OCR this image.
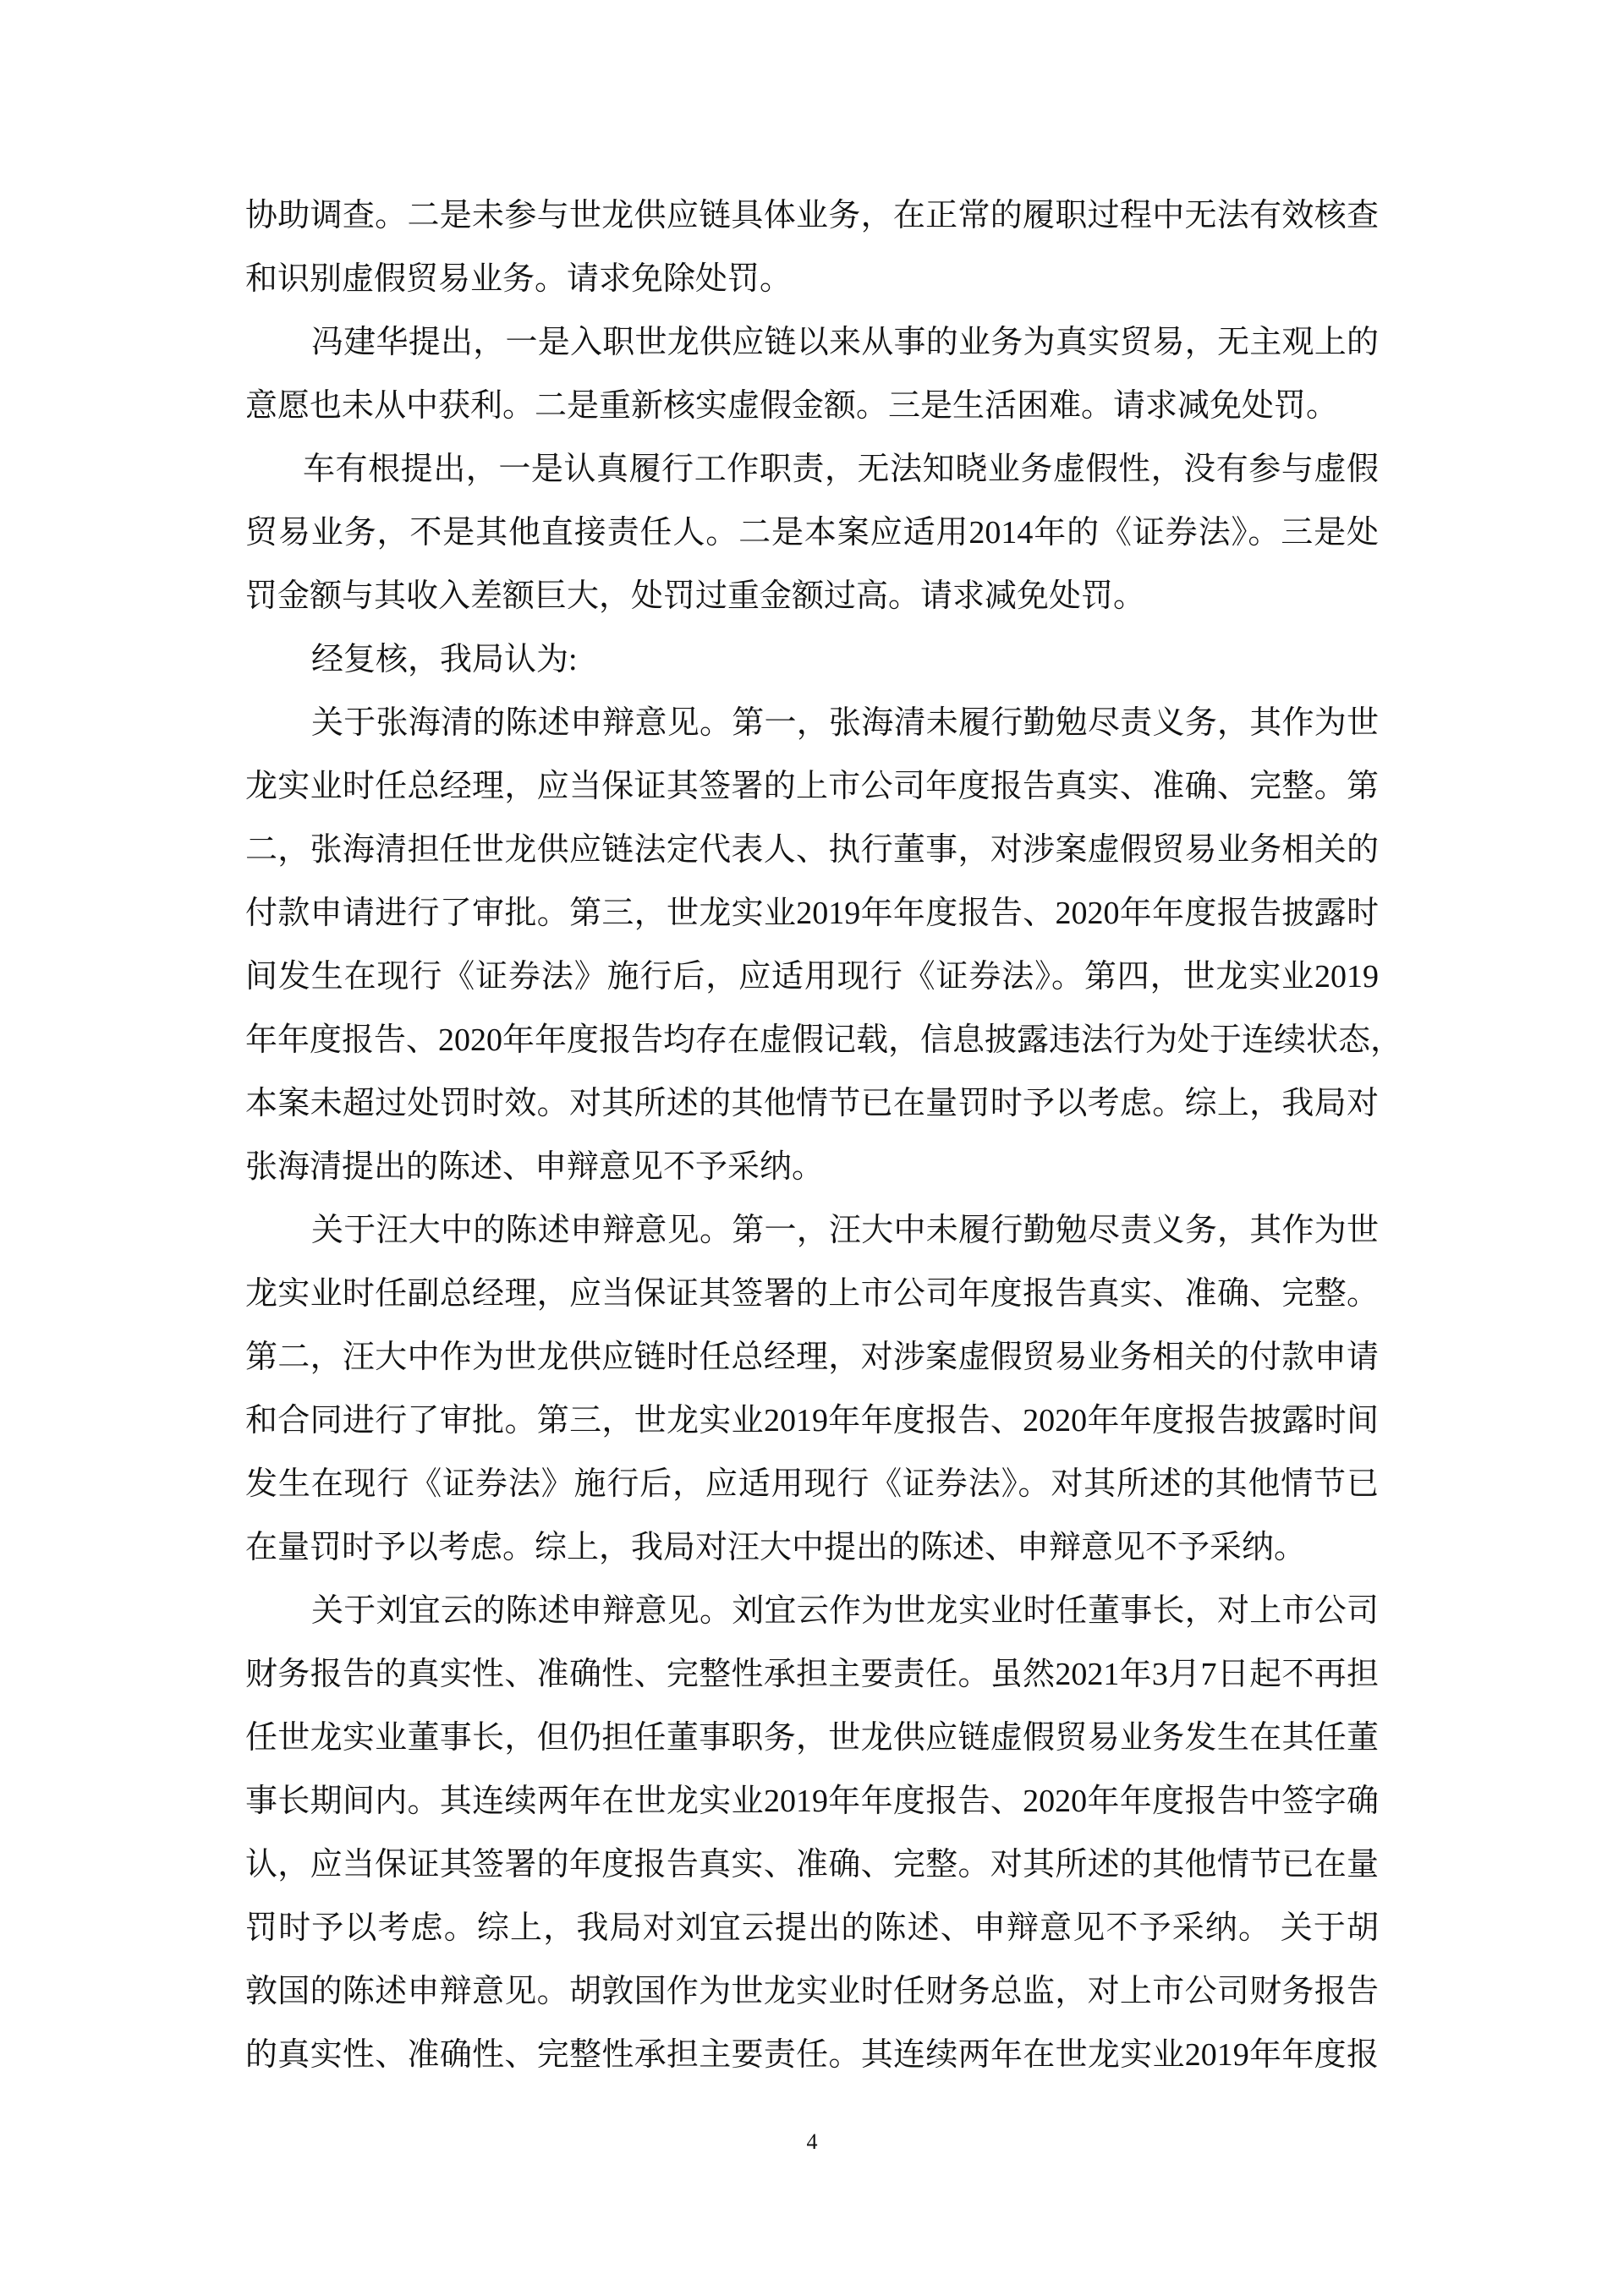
协助调查。二是未参与世龙供应链具体业务，在正常的履职过程中无法有效核查
和识别虚假贸易业务。请求免除处罚。
冯建华提出，一是入职世龙供应链以来从事的业务为真实贸易，无主观上的
意愿也未从中获利。二是重新核实虚假金额。三是生活困难。请求减免处罚。
车有根提出，一是认真履行工作职责，无法知晓业务虚假性，没有参与虚假
贸易业务，不是其他直接责任人。二是本案应适用2014年的《证券法》。三是处
罚金额与其收入差额巨大，处罚过重金额过高。请求减免处罚。
经复核，我局认为:
关于张海清的陈述申辩意见。第一，张海清未履行勤勉尽责义务，其作为世
龙实业时任总经理，应当保证其签署的上市公司年度报告真实、准确、完整。第
二，张海清担任世龙供应链法定代表人、执行董事，对涉案虚假贸易业务相关的
付款申请进行了审批。第三，世龙实业2019年年度报告、2020年年度报告披露时
间发生在现行《证券法》施行后，应适用现行《证券法》。第四，世龙实业2019
年年度报告、2020年年度报告均存在虚假记载，信息披露违法行为处于连续状态，
本案未超过处罚时效。对其所述的其他情节已在量罚时予以考虑。综上，我局对
张海清提出的陈述、申辩意见不予采纳。
关于汪大中的陈述申辩意见。第一，汪大中未履行勤勉尽责义务，其作为世
龙实业时任副总经理，应当保证其签署的上市公司年度报告真实、准确、完整。
第二，汪大中作为世龙供应链时任总经理，对涉案虚假贸易业务相关的付款申请
和合同进行了审批。第三，世龙实业2019年年度报告、2020年年度报告披露时间
发生在现行《证券法》施行后，应适用现行《证券法》。对其所述的其他情节已
在量罚时予以考虑。综上，我局对汪大中提出的陈述、申辩意见不予采纳。
关于刘宜云的陈述申辩意见。刘宜云作为世龙实业时任董事长，对上市公司
财务报告的真实性、准确性、完整性承担主要责任。虽然2021年3月7日起不再担
任世龙实业董事长，但仍担任董事职务，世龙供应链虚假贸易业务发生在其任董
事长期间内。其连续两年在世龙实业2019年年度报告、2020年年度报告中签字确
认，应当保证其签署的年度报告真实、准确、完整。对其所述的其他情节已在量
罚时予以考虑。综上，我局对刘宜云提出的陈述、申辩意见不予采纳。 关于胡
敦国的陈述申辩意见。胡敦国作为世龙实业时任财务总监，对上市公司财务报告
的真实性、准确性、完整性承担主要责任。其连续两年在世龙实业2019年年度报
4
